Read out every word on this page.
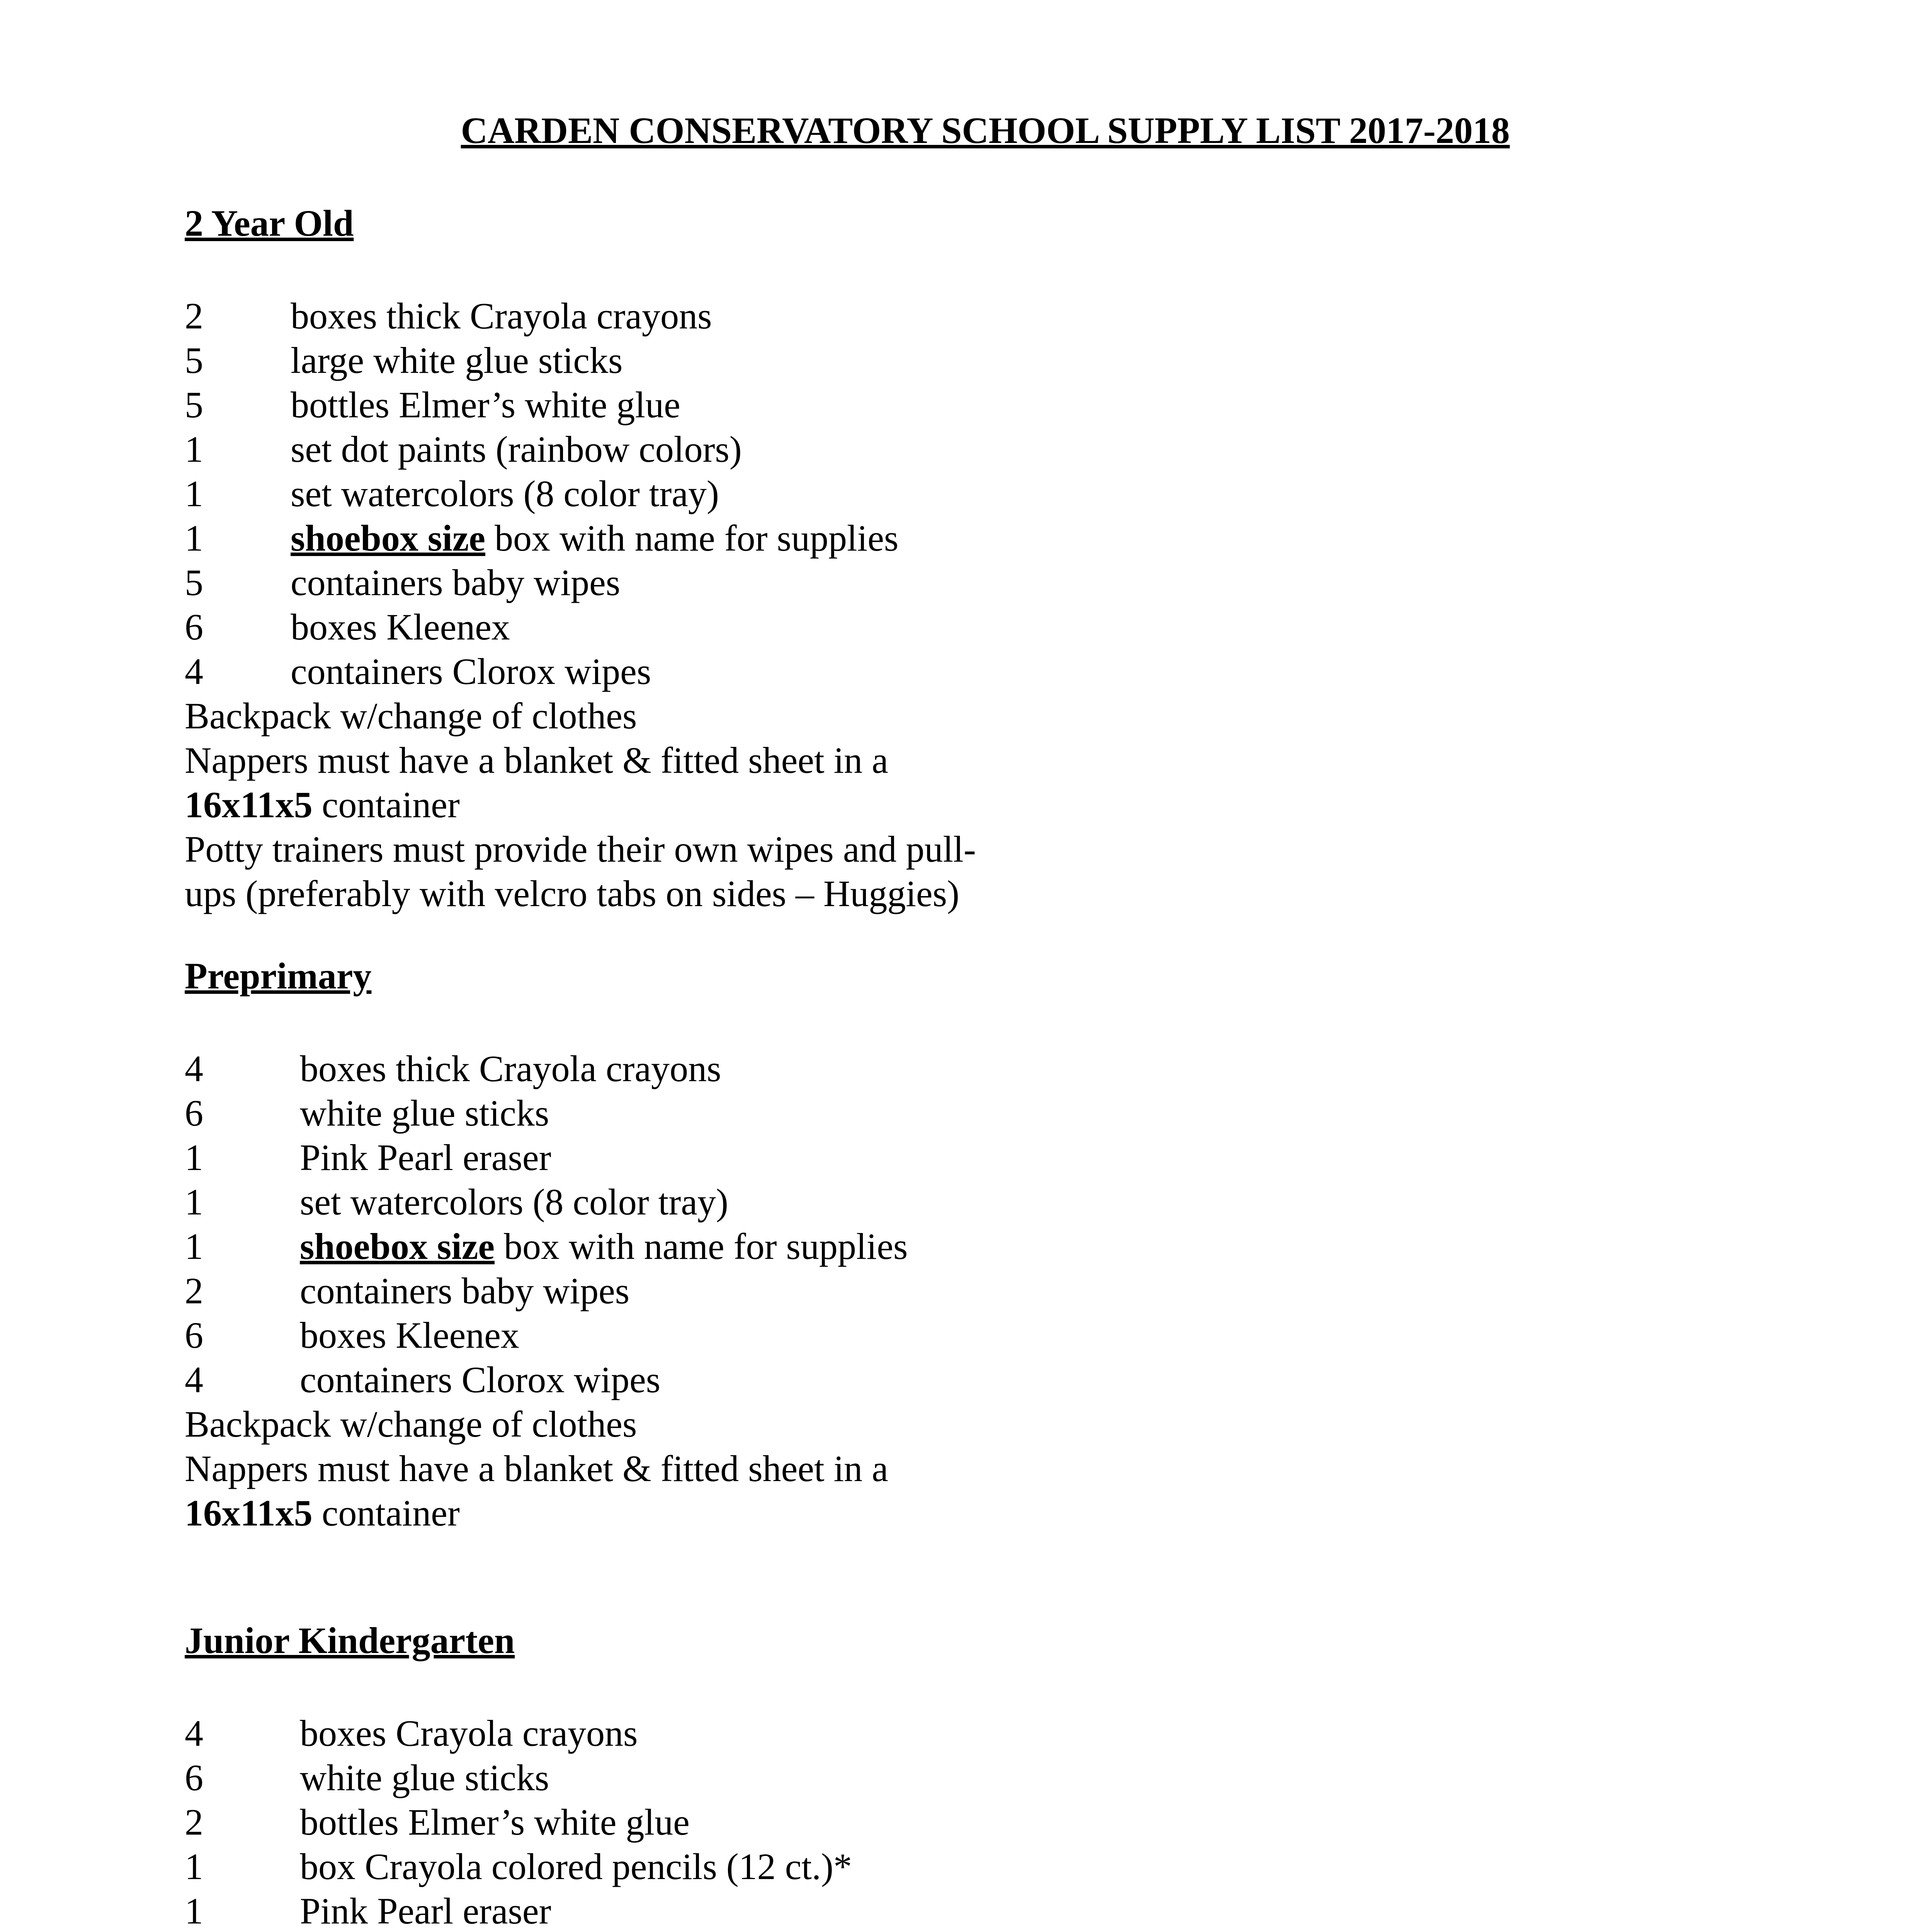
CARDEN CONSERVATORY SCHOOL SUPPLY LIST 2017-2018
2 Year Old
2 boxes thick Crayola crayons
5 large white glue sticks
5 bottles Elmer’s white glue
1 set dot paints (rainbow colors)
1 set watercolors (8 color tray)
1 shoebox size box with name for supplies
5 containers baby wipes
6 boxes Kleenex
4 containers Clorox wipes
Backpack w/change of clothes
Nappers must have a blanket & fitted sheet in a
16x11x5 container
Potty trainers must provide their own wipes and pull-
ups (preferably with velcro tabs on sides – Huggies)
Preprimary
4	boxes thick Crayola crayons
6	white glue sticks
1	Pink Pearl eraser
1	set watercolors (8 color tray)
1	shoebox size box with name for supplies
2	containers baby wipes
6	boxes Kleenex
4	containers Clorox wipes
Backpack w/change of clothes
Nappers must have a blanket & fitted sheet in a
16x11x5 container
Junior Kindergarten
4	boxes Crayola crayons
6	white glue sticks
2	bottles Elmer’s white glue
1	box Crayola colored pencils (12 ct.)*
1	Pink Pearl eraser
